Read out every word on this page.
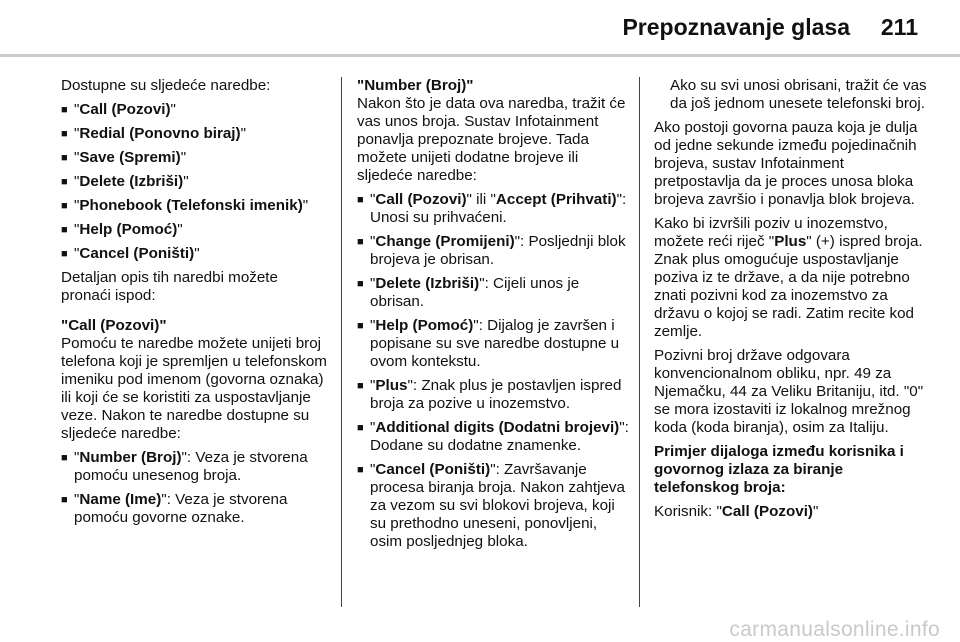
Prepoznavanje glasa 211

Dostupne su sljedeće naredbe:

■ "Call (Pozovi)"
■ "Redial (Ponovno biraj)"
■ "Save (Spremi)"
■ "Delete (Izbriši)"
■ "Phonebook (Telefonski imenik)"
■ "Help (Pomoć)"
■ "Cancel (Poništi)"

Detaljan opis tih naredbi možete pronaći ispod:

"Call (Pozovi)"

Pomoću te naredbe možete unijeti broj telefona koji je spremljen u telefonskom imeniku pod imenom (govorna oznaka) ili koji će se koristiti za uspostavljanje veze. Nakon te naredbe dostupne su sljedeće naredbe:

■ "Number (Broj)": Veza je stvorena pomoću unesenog broja.
■ "Name (Ime)": Veza je stvorena pomoću govorne oznake.

"Number (Broj)"

Nakon što je data ova naredba, tražit će vas unos broja. Sustav Infotainment ponavlja prepoznate brojeve. Tada možete unijeti dodatne brojeve ili sljedeće naredbe:

■ "Call (Pozovi)" ili "Accept (Prihvati)": Unosi su prihvaćeni.
■ "Change (Promijeni)": Posljednji blok brojeva je obrisan.
■ "Delete (Izbriši)": Cijeli unos je obrisan.
■ "Help (Pomoć)": Dijalog je završen i popisane su sve naredbe dostupne u ovom kontekstu.
■ "Plus": Znak plus je postavljen ispred broja za pozive u inozemstvo.
■ "Additional digits (Dodatni brojevi)": Dodane su dodatne znamenke.
■ "Cancel (Poništi)": Završavanje procesa biranja broja. Nakon zahtjeva za vezom su svi blokovi brojeva, koji su prethodno uneseni, ponovljeni, osim posljednjeg bloka.

Ako su svi unosi obrisani, tražit će vas da još jednom unesete telefonski broj.

Ako postoji govorna pauza koja je dulja od jedne sekunde između pojedinačnih brojeva, sustav Infotainment pretpostavlja da je proces unosa bloka brojeva završio i ponavlja blok brojeva.

Kako bi izvršili poziv u inozemstvo, možete reći riječ "Plus" (+) ispred broja. Znak plus omogućuje uspostavljanje poziva iz te države, a da nije potrebno znati pozivni kod za inozemstvo za državu o kojoj se radi. Zatim recite kod zemlje.

Pozivni broj države odgovara konvencionalnom obliku, npr. 49 za Njemačku, 44 za Veliku Britaniju, itd. "0" se mora izostaviti iz lokalnog mrežnog koda (koda biranja), osim za Italiju.

Primjer dijaloga između korisnika i govornog izlaza za biranje telefonskog broja:

Korisnik: "Call (Pozovi)"

carmanualsonline.info
